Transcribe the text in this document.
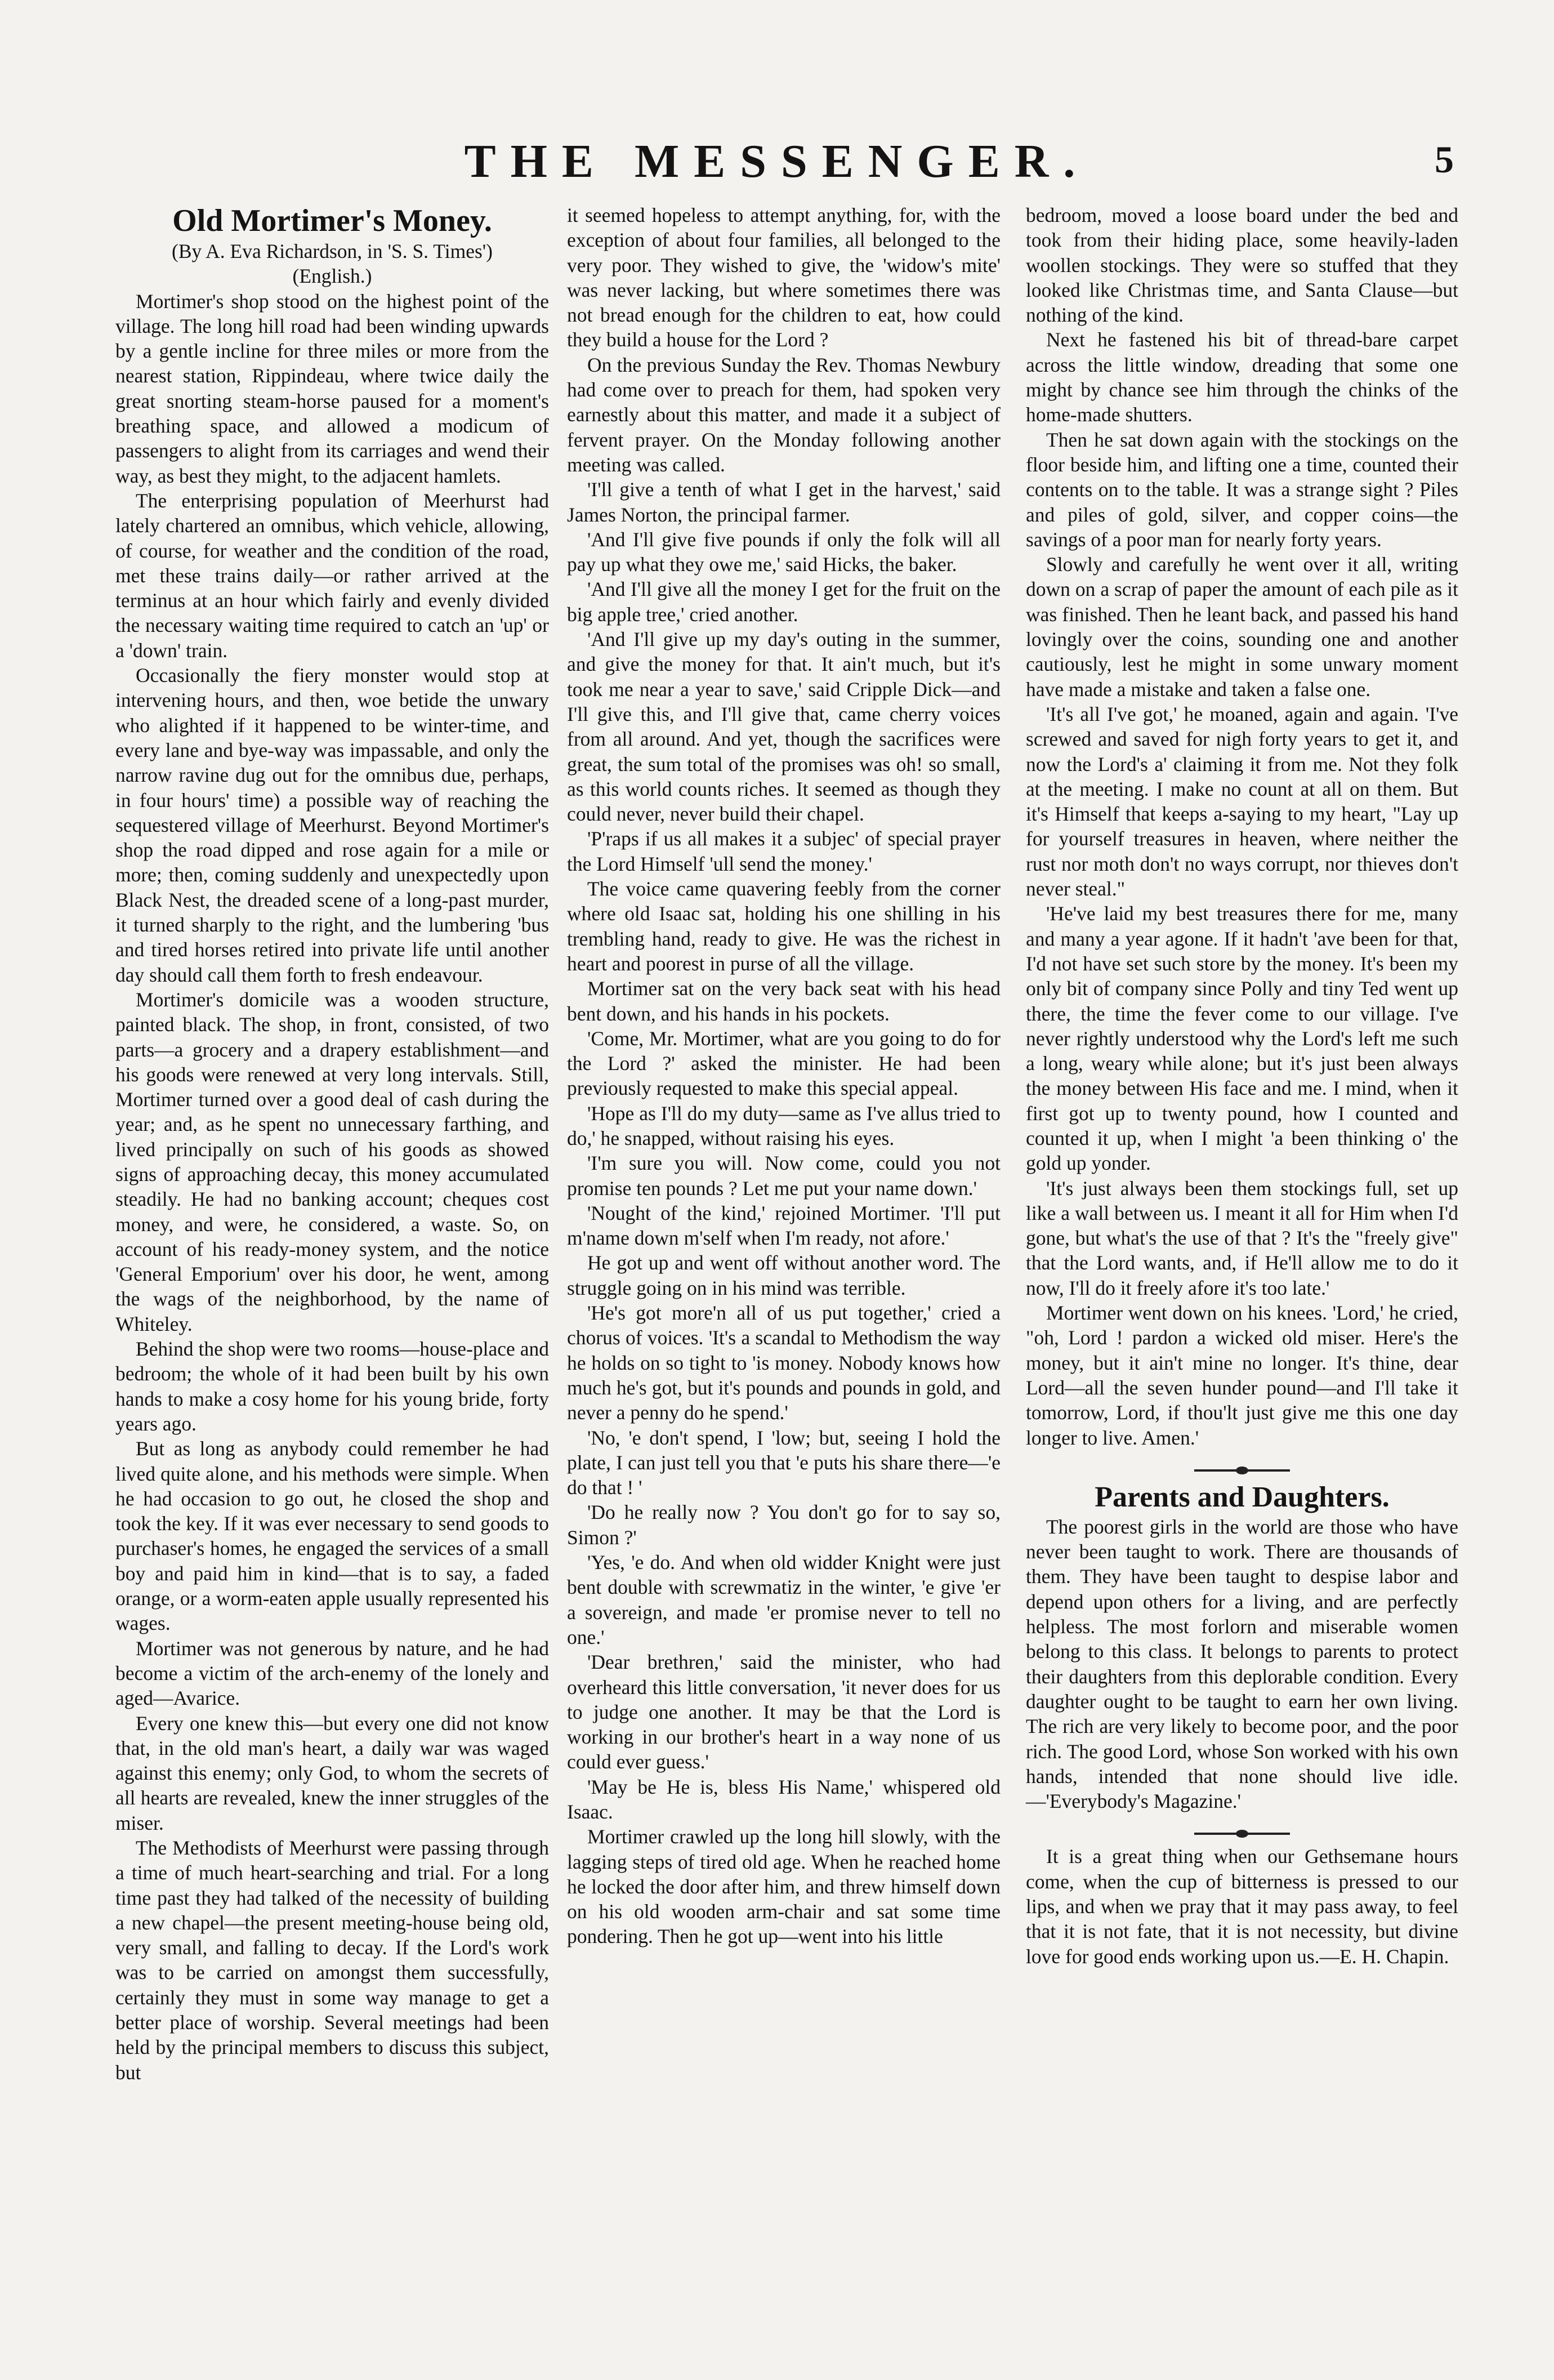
THE MESSENGER.	5

Old Mortimer's Money.

(By A. Eva Richardson, in 'S. S. Times')

(English.)

Mortimer's shop stood on the highest point of the village. The long hill road had been winding upwards by a gentle incline for three miles or more from the nearest station, Rippindeau, where twice daily the great snorting steam-horse paused for a moment's breathing space, and allowed a modicum of passengers to alight from its carriages and wend their way, as best they might, to the adjacent hamlets.

The enterprising population of Meerhurst had lately chartered an omnibus, which vehicle, allowing, of course, for weather and the condition of the road, met these trains daily—or rather arrived at the terminus at an hour which fairly and evenly divided the necessary waiting time required to catch an 'up' or a 'down' train.

Occasionally the fiery monster would stop at intervening hours, and then, woe betide the unwary who alighted if it happened to be winter-time, and every lane and bye-way was impassable, and only the narrow ravine dug out for the omnibus due, perhaps, in four hours' time) a possible way of reaching the sequestered village of Meerhurst. Beyond Mortimer's shop the road dipped and rose again for a mile or more; then, coming suddenly and unexpectedly upon Black Nest, the dreaded scene of a long-past murder, it turned sharply to the right, and the lumbering 'bus and tired horses retired into private life until another day should call them forth to fresh endeavour.

Mortimer's domicile was a wooden structure, painted black. The shop, in front, consisted, of two parts—a grocery and a drapery establishment—and his goods were renewed at very long intervals. Still, Mortimer turned over a good deal of cash during the year; and, as he spent no unnecessary farthing, and lived principally on such of his goods as showed signs of approaching decay, this money accumulated steadily. He had no banking account; cheques cost money, and were, he considered, a waste. So, on account of his ready-money system, and the notice 'General Emporium' over his door, he went, among the wags of the neighborhood, by the name of Whiteley.

Behind the shop were two rooms—house-place and bedroom; the whole of it had been built by his own hands to make a cosy home for his young bride, forty years ago.

But as long as anybody could remember he had lived quite alone, and his methods were simple. When he had occasion to go out, he closed the shop and took the key. If it was ever necessary to send goods to purchaser's homes, he engaged the services of a small boy and paid him in kind—that is to say, a faded orange, or a worm-eaten apple usually represented his wages.

Mortimer was not generous by nature, and he had become a victim of the arch-enemy of the lonely and aged—Avarice.

Every one knew this—but every one did not know that, in the old man's heart, a daily war was waged against this enemy; only God, to whom the secrets of all hearts are revealed, knew the inner struggles of the miser.

The Methodists of Meerhurst were passing through a time of much heart-searching and trial. For a long time past they had talked of the necessity of building a new chapel—the present meeting-house being old, very small, and falling to decay. If the Lord's work was to be carried on amongst them successfully, certainly they must in some way manage to get a better place of worship. Several meetings had been held by the principal members to discuss this subject, but

it seemed hopeless to attempt anything, for, with the exception of about four families, all belonged to the very poor. They wished to give, the 'widow's mite' was never lacking, but where sometimes there was not bread enough for the children to eat, how could they build a house for the Lord ?

On the previous Sunday the Rev. Thomas Newbury had come over to preach for them, had spoken very earnestly about this matter, and made it a subject of fervent prayer. On the Monday following another meeting was called.

'I'll give a tenth of what I get in the harvest,' said James Norton, the principal farmer.

'And I'll give five pounds if only the folk will all pay up what they owe me,' said Hicks, the baker.

'And I'll give all the money I get for the fruit on the big apple tree,' cried another.

'And I'll give up my day's outing in the summer, and give the money for that. It ain't much, but it's took me near a year to save,' said Cripple Dick—and I'll give this, and I'll give that, came cherry voices from all around. And yet, though the sacrifices were great, the sum total of the promises was oh! so small, as this world counts riches. It seemed as though they could never, never build their chapel.

'P'raps if us all makes it a subjec' of special prayer the Lord Himself 'ull send the money.'

The voice came quavering feebly from the corner where old Isaac sat, holding his one shilling in his trembling hand, ready to give. He was the richest in heart and poorest in purse of all the village.

Mortimer sat on the very back seat with his head bent down, and his hands in his pockets.

'Come, Mr. Mortimer, what are you going to do for the Lord ?' asked the minister. He had been previously requested to make this special appeal.

'Hope as I'll do my duty—same as I've allus tried to do,' he snapped, without raising his eyes.

'I'm sure you will. Now come, could you not promise ten pounds ? Let me put your name down.'

'Nought of the kind,' rejoined Mortimer. 'I'll put m'name down m'self when I'm ready, not afore.'

He got up and went off without another word. The struggle going on in his mind was terrible.

'He's got more'n all of us put together,' cried a chorus of voices. 'It's a scandal to Methodism the way he holds on so tight to 'is money. Nobody knows how much he's got, but it's pounds and pounds in gold, and never a penny do he spend.'

'No, 'e don't spend, I 'low; but, seeing I hold the plate, I can just tell you that 'e puts his share there—'e do that ! '

'Do he really now ? You don't go for to say so, Simon ?'

'Yes, 'e do. And when old widder Knight were just bent double with screwmatiz in the winter, 'e give 'er a sovereign, and made 'er promise never to tell no one.'

'Dear brethren,' said the minister, who had overheard this little conversation, 'it never does for us to judge one another. It may be that the Lord is working in our brother's heart in a way none of us could ever guess.'

'May be He is, bless His Name,' whispered old Isaac.

Mortimer crawled up the long hill slowly, with the lagging steps of tired old age. When he reached home he locked the door after him, and threw himself down on his old wooden arm-chair and sat some time pondering. Then he got up—went into his little

bedroom, moved a loose board under the bed and took from their hiding place, some heavily-laden woollen stockings. They were so stuffed that they looked like Christmas time, and Santa Clause—but nothing of the kind.

Next he fastened his bit of thread-bare carpet across the little window, dreading that some one might by chance see him through the chinks of the home-made shutters.

Then he sat down again with the stockings on the floor beside him, and lifting one a time, counted their contents on to the table. It was a strange sight ? Piles and piles of gold, silver, and copper coins—the savings of a poor man for nearly forty years.

Slowly and carefully he went over it all, writing down on a scrap of paper the amount of each pile as it was finished. Then he leant back, and passed his hand lovingly over the coins, sounding one and another cautiously, lest he might in some unwary moment have made a mistake and taken a false one.

'It's all I've got,' he moaned, again and again. 'I've screwed and saved for nigh forty years to get it, and now the Lord's a' claiming it from me. Not they folk at the meeting. I make no count at all on them. But it's Himself that keeps a-saying to my heart, "Lay up for yourself treasures in heaven, where neither the rust nor moth don't no ways corrupt, nor thieves don't never steal."

'He've laid my best treasures there for me, many and many a year agone. If it hadn't 'ave been for that, I'd not have set such store by the money. It's been my only bit of company since Polly and tiny Ted went up there, the time the fever come to our village. I've never rightly understood why the Lord's left me such a long, weary while alone; but it's just been always the money between His face and me. I mind, when it first got up to twenty pound, how I counted and counted it up, when I might 'a been thinking o' the gold up yonder.

'It's just always been them stockings full, set up like a wall between us. I meant it all for Him when I'd gone, but what's the use of that ? It's the "freely give" that the Lord wants, and, if He'll allow me to do it now, I'll do it freely afore it's too late.'

Mortimer went down on his knees. 'Lord,' he cried, "oh, Lord ! pardon a wicked old miser. Here's the money, but it ain't mine no longer. It's thine, dear Lord—all the seven hunder pound—and I'll take it tomorrow, Lord, if thou'lt just give me this one day longer to live. Amen.'

Parents and Daughters.

The poorest girls in the world are those who have never been taught to work. There are thousands of them. They have been taught to despise labor and depend upon others for a living, and are perfectly helpless. The most forlorn and miserable women belong to this class. It belongs to parents to protect their daughters from this deplorable condition. Every daughter ought to be taught to earn her own living. The rich are very likely to become poor, and the poor rich. The good Lord, whose Son worked with his own hands, intended that none should live idle.—'Everybody's Magazine.'

It is a great thing when our Gethsemane hours come, when the cup of bitterness is pressed to our lips, and when we pray that it may pass away, to feel that it is not fate, that it is not necessity, but divine love for good ends working upon us.—E. H. Chapin.
